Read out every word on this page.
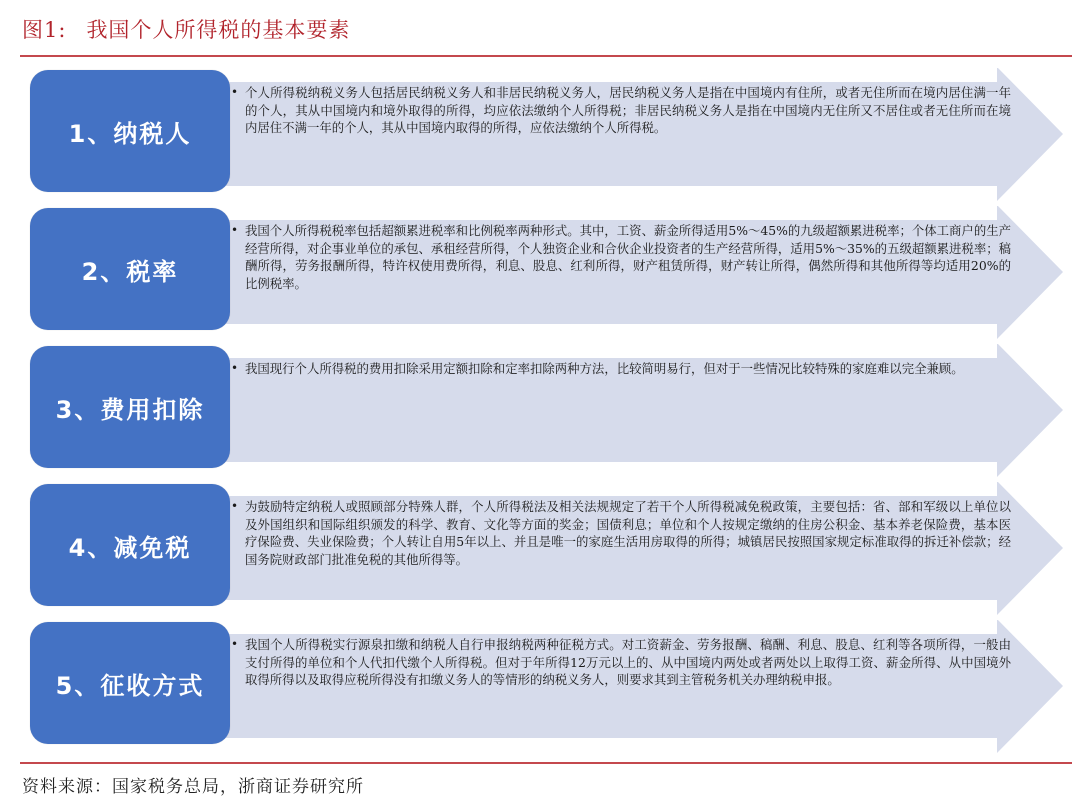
图1: 我国个人所得税的基本要素
1、纳税人
• 个人所得税纳税义务人包括居民纳税义务人和非居民纳税义务人，居民纳税义务人是指在中国境内有住所，或者无住所而在境内居住满一年的个人，其从中国境内和境外取得的所得，均应依法缴纳个人所得税；非居民纳税义务人是指在中国境内无住所又不居住或者无住所而在境内居住不满一年的个人，其从中国境内取得的所得，应依法缴纳个人所得税。
2、税率
• 我国个人所得税税率包括超额累进税率和比例税率两种形式。其中，工资、薪金所得适用5%～45%的九级超额累进税率；个体工商户的生产经营所得，对企事业单位的承包、承租经营所得，个人独资企业和合伙企业投资者的生产经营所得，适用5%～35%的五级超额累进税率；稿酬所得，劳务报酬所得，特许权使用费所得，利息、股息、红利所得，财产租赁所得，财产转让所得，偶然所得和其他所得等均适用20%的比例税率。
3、费用扣除
• 我国现行个人所得税的费用扣除采用定额扣除和定率扣除两种方法，比较简明易行，但对于一些情况比较特殊的家庭难以完全兼顾。
4、减免税
• 为鼓励特定纳税人或照顾部分特殊人群，个人所得税法及相关法规规定了若干个人所得税减免税政策，主要包括：省、部和军级以上单位以及外国组织和国际组织颁发的科学、教育、文化等方面的奖金；国债利息；单位和个人按规定缴纳的住房公积金、基本养老保险费，基本医疗保险费、失业保险费；个人转让自用5年以上、并且是唯一的家庭生活用房取得的所得；城镇居民按照国家规定标准取得的拆迁补偿款；经国务院财政部门批准免税的其他所得等。
5、征收方式
• 我国个人所得税实行源泉扣缴和纳税人自行申报纳税两种征税方式。对工资薪金、劳务报酬、稿酬、利息、股息、红利等各项所得，一般由支付所得的单位和个人代扣代缴个人所得税。但对于年所得12万元以上的、从中国境内两处或者两处以上取得工资、薪金所得、从中国境外取得所得以及取得应税所得没有扣缴义务人的等情形的纳税义务人，则要求其到主管税务机关办理纳税申报。
资料来源：国家税务总局，浙商证券研究所
